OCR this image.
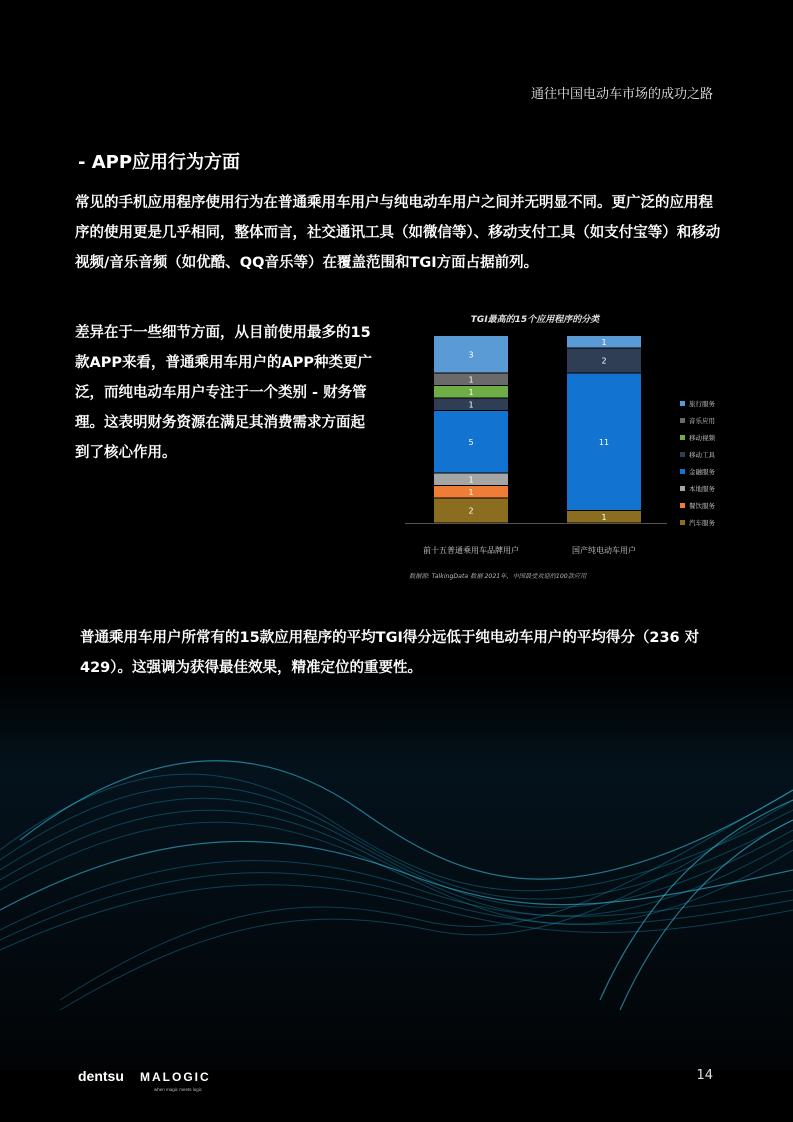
通往中国电动车市场的成功之路
- APP应用行为方面
常见的手机应用程序使用行为在普通乘用车用户与纯电动车用户之间并无明显不同。更广泛的应用程序的使用更是几乎相同，整体而言，社交通讯工具（如微信等）、移动支付工具（如支付宝等）和移动视频/音乐音频（如优酷、QQ音乐等）在覆盖范围和TGI方面占据前列。
差异在于一些细节方面，从目前使用最多的15款APP来看，普通乘用车用户的APP种类更广泛，而纯电动车用户专注于一个类别 - 财务管理。这表明财务资源在满足其消费需求方面起到了核心作用。
TGI最高的15个应用程序的分类
2
1
1
5
1
1
1
3
前十五普通乘用车品牌用户
1
11
2
1
国产纯电动车用户
旅行服务
音乐应用
移动视频
移动工具
金融服务
本地服务
餐饮服务
汽车服务
数据源: TalkingData 数据 2021年，中国最受欢迎的100款应用
普通乘用车用户所常有的15款应用程序的平均TGI得分远低于纯电动车用户的平均得分（236 对 429）。这强调为获得最佳效果，精准定位的重要性。
dentsu MALOGIC
when magic meets logic
14
